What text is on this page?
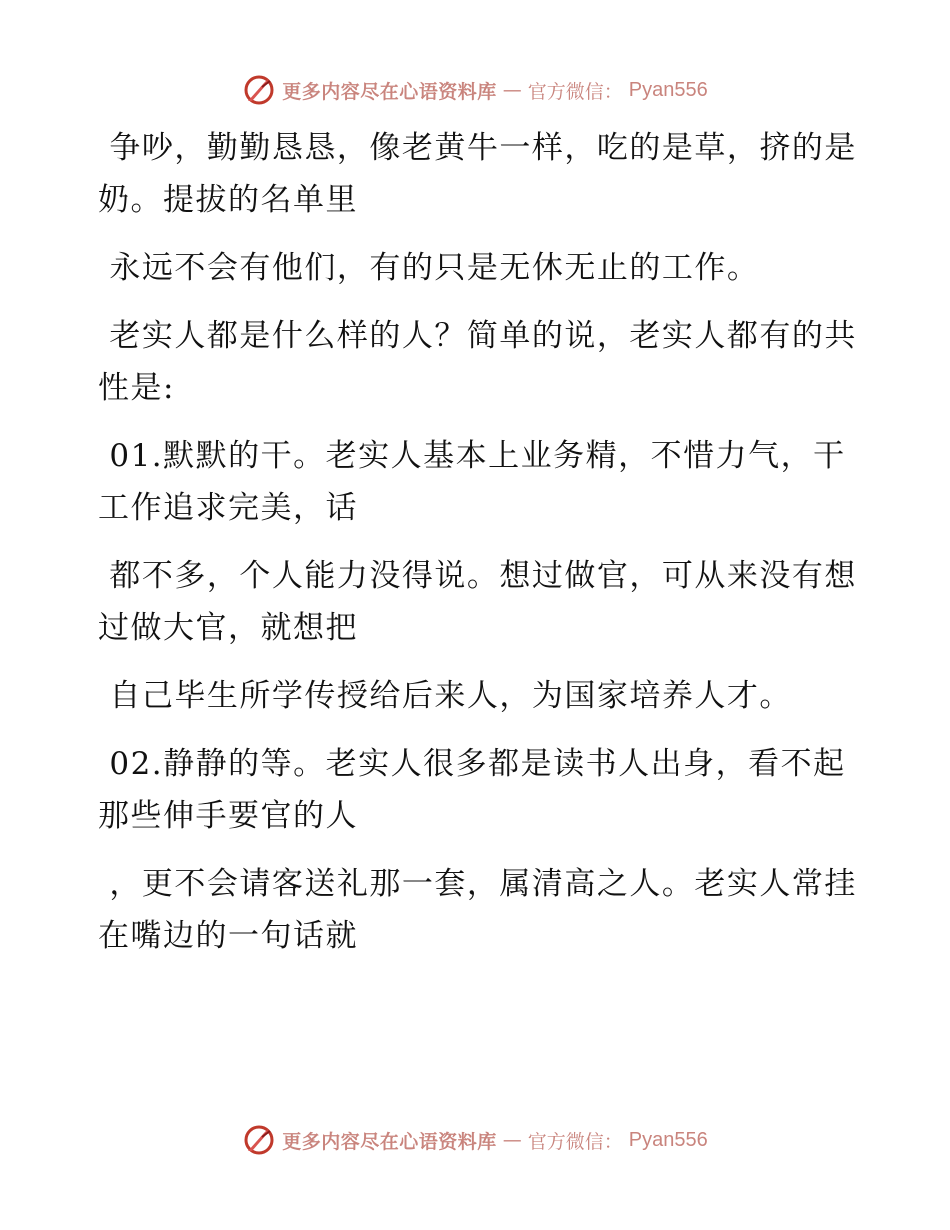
更多内容尽在心语资料库 — 官方微信： Pyan556

争吵，勤勤恳恳，像老黄牛一样，吃的是草，挤的是奶。提拔的名单里

永远不会有他们，有的只是无休无止的工作。

老实人都是什么样的人？简单的说，老实人都有的共性是:

01.默默的干。老实人基本上业务精，不惜力气，干工作追求完美，话

都不多，个人能力没得说。想过做官，可从来没有想过做大官，就想把

自己毕生所学传授给后来人，为国家培养人才。

02.静静的等。老实人很多都是读书人出身，看不起那些伸手要官的人

，更不会请客送礼那一套，属清高之人。老实人常挂在嘴边的一句话就

更多内容尽在心语资料库 — 官方微信： Pyan556
